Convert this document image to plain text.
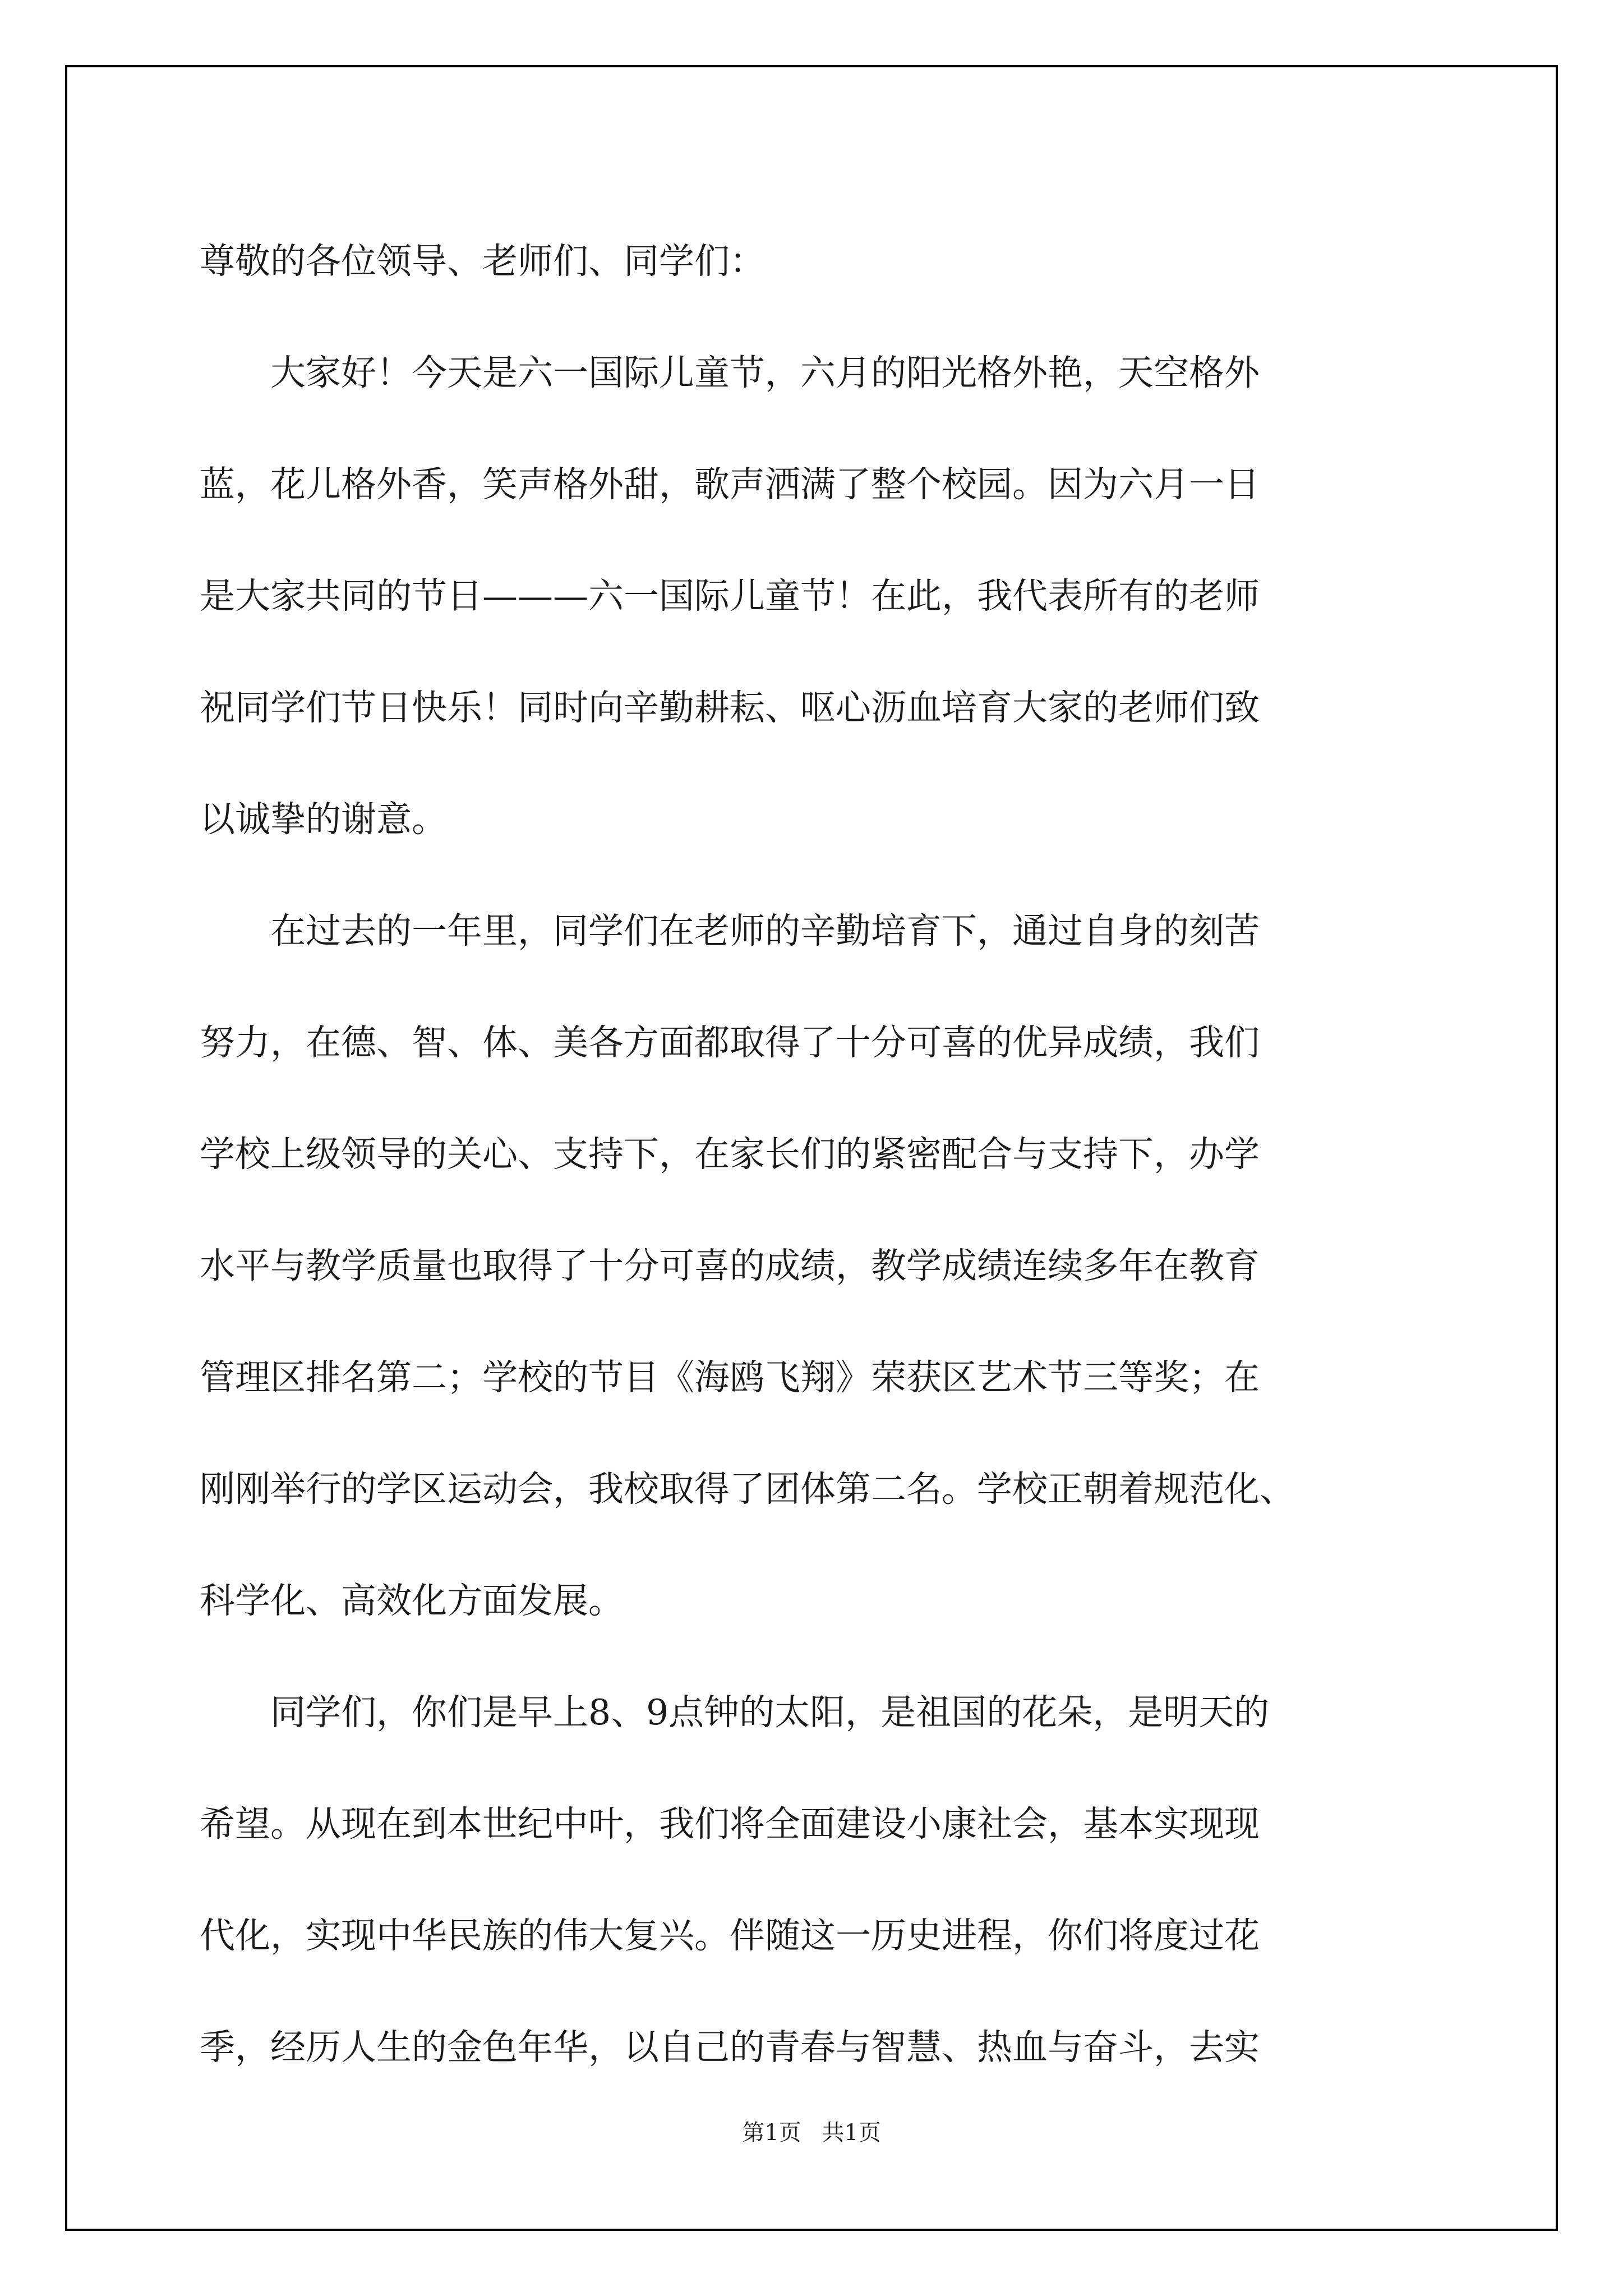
尊敬的各位领导、老师们、同学们：

　　大家好！今天是六一国际儿童节，六月的阳光格外艳，天空格外
蓝，花儿格外香，笑声格外甜，歌声洒满了整个校园。因为六月一日
是大家共同的节日———六一国际儿童节！在此，我代表所有的老师
祝同学们节日快乐！同时向辛勤耕耘、呕心沥血培育大家的老师们致
以诚挚的谢意。

　　在过去的一年里，同学们在老师的辛勤培育下，通过自身的刻苦
努力，在德、智、体、美各方面都取得了十分可喜的优异成绩，我们
学校上级领导的关心、支持下，在家长们的紧密配合与支持下，办学
水平与教学质量也取得了十分可喜的成绩，教学成绩连续多年在教育
管理区排名第二；学校的节目《海鸥飞翔》荣获区艺术节三等奖；在
刚刚举行的学区运动会，我校取得了团体第二名。学校正朝着规范化、
科学化、高效化方面发展。

　　同学们，你们是早上8、9点钟的太阳，是祖国的花朵，是明天的
希望。从现在到本世纪中叶，我们将全面建设小康社会，基本实现现
代化，实现中华民族的伟大复兴。伴随这一历史进程，你们将度过花
季，经历人生的金色年华，以自己的青春与智慧、热血与奋斗，去实

第1页 共1页
